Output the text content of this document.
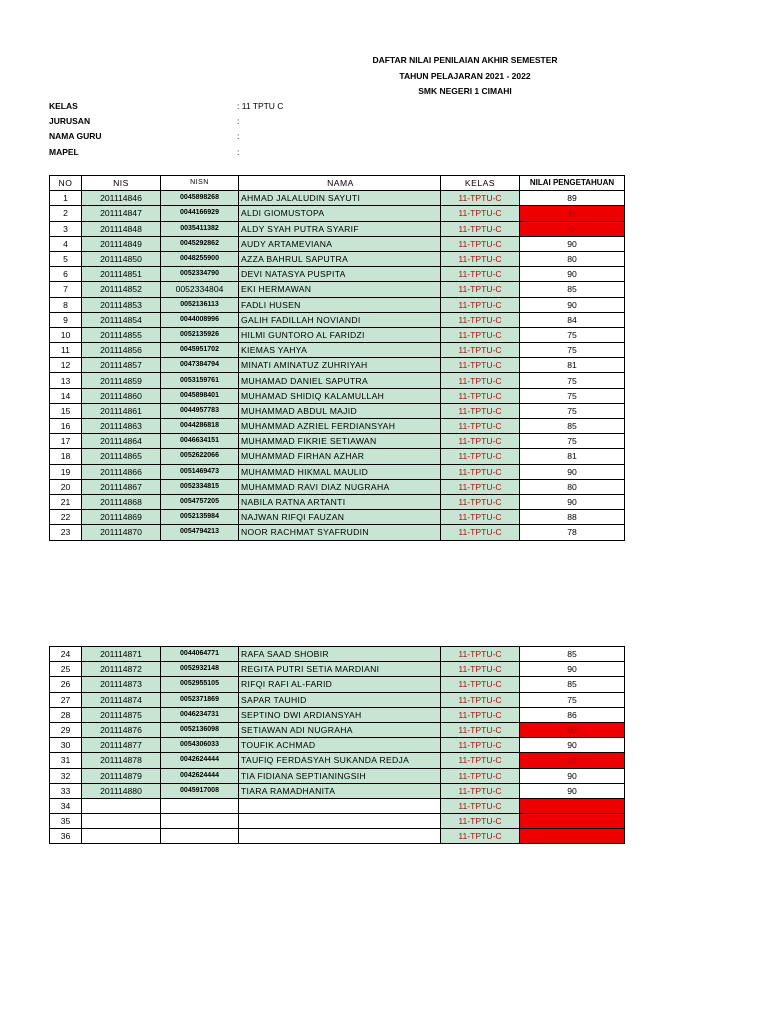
DAFTAR NILAI PENILAIAN AKHIR SEMESTER
TAHUN PELAJARAN 2021 - 2022
SMK NEGERI 1 CIMAHI
KELAS	: 11 TPTU C
JURUSAN	:
NAMA GURU	:
MAPEL	:
NO	NIS	NISN	NAMA	KELAS	NILAI PENGETAHUAN
1	201114846	0045898268	AHMAD JALALUDIN SAYUTI	11-TPTU-C	89
2	201114847	0044166929	ALDI GIOMUSTOPA	11-TPTU-C	44
3	201114848	0035411382	ALDY SYAH PUTRA SYARIF	11-TPTU-C	0
4	201114849	0045292862	AUDY ARTAMEVIANA	11-TPTU-C	90
5	201114850	0048255900	AZZA BAHRUL SAPUTRA	11-TPTU-C	80
6	201114851	0052334790	DEVI NATASYA PUSPITA	11-TPTU-C	90
7	201114852	0052334804	EKI HERMAWAN	11-TPTU-C	85
8	201114853	0052136113	FADLI HUSEN	11-TPTU-C	90
9	201114854	0044008996	GALIH FADILLAH NOVIANDI	11-TPTU-C	84
10	201114855	0052135926	HILMI GUNTORO AL FARIDZI	11-TPTU-C	75
11	201114856	0045951702	KIEMAS YAHYA	11-TPTU-C	75
12	201114857	0047384794	MINATI AMINATUZ ZUHRIYAH	11-TPTU-C	81
13	201114859	0053159761	MUHAMAD DANIEL SAPUTRA	11-TPTU-C	75
14	201114860	0045898401	MUHAMAD SHIDIQ KALAMULLAH	11-TPTU-C	75
15	201114861	0044957783	MUHAMMAD ABDUL MAJID	11-TPTU-C	75
16	201114863	0044286818	MUHAMMAD AZRIEL FERDIANSYAH	11-TPTU-C	85
17	201114864	0046634151	MUHAMMAD FIKRIE SETIAWAN	11-TPTU-C	75
18	201114865	0052622066	MUHAMMAD FIRHAN AZHAR	11-TPTU-C	81
19	201114866	0051469473	MUHAMMAD HIKMAL MAULID	11-TPTU-C	90
20	201114867	0052334815	MUHAMMAD RAVI DIAZ NUGRAHA	11-TPTU-C	80
21	201114868	0054757205	NABILA RATNA ARTANTI	11-TPTU-C	90
22	201114869	0052135984	NAJWAN RIFQI FAUZAN	11-TPTU-C	88
23	201114870	0054794213	NOOR RACHMAT SYAFRUDIN	11-TPTU-C	78
24	201114871	0044064771	RAFA SAAD SHOBIR	11-TPTU-C	85
25	201114872	0052932148	REGITA PUTRI SETIA MARDIANI	11-TPTU-C	90
26	201114873	0052955105	RIFQI RAFI AL-FARID	11-TPTU-C	85
27	201114874	0052371869	SAPAR TAUHID	11-TPTU-C	75
28	201114875	0046234731	SEPTINO DWI ARDIANSYAH	11-TPTU-C	86
29	201114876	0052136098	SETIAWAN ADI NUGRAHA	11-TPTU-C	60
30	201114877	0054306033	TOUFIK ACHMAD	11-TPTU-C	90
31	201114878	0042624444	TAUFIQ FERDASYAH SUKANDA REDJA	11-TPTU-C	28
32	201114879	0042624444	TIA FIDIANA SEPTIANINGSIH	11-TPTU-C	90
33	201114880	0045917008	TIARA RAMADHANITA	11-TPTU-C	90
34				11-TPTU-C	
35				11-TPTU-C	
36				11-TPTU-C	
